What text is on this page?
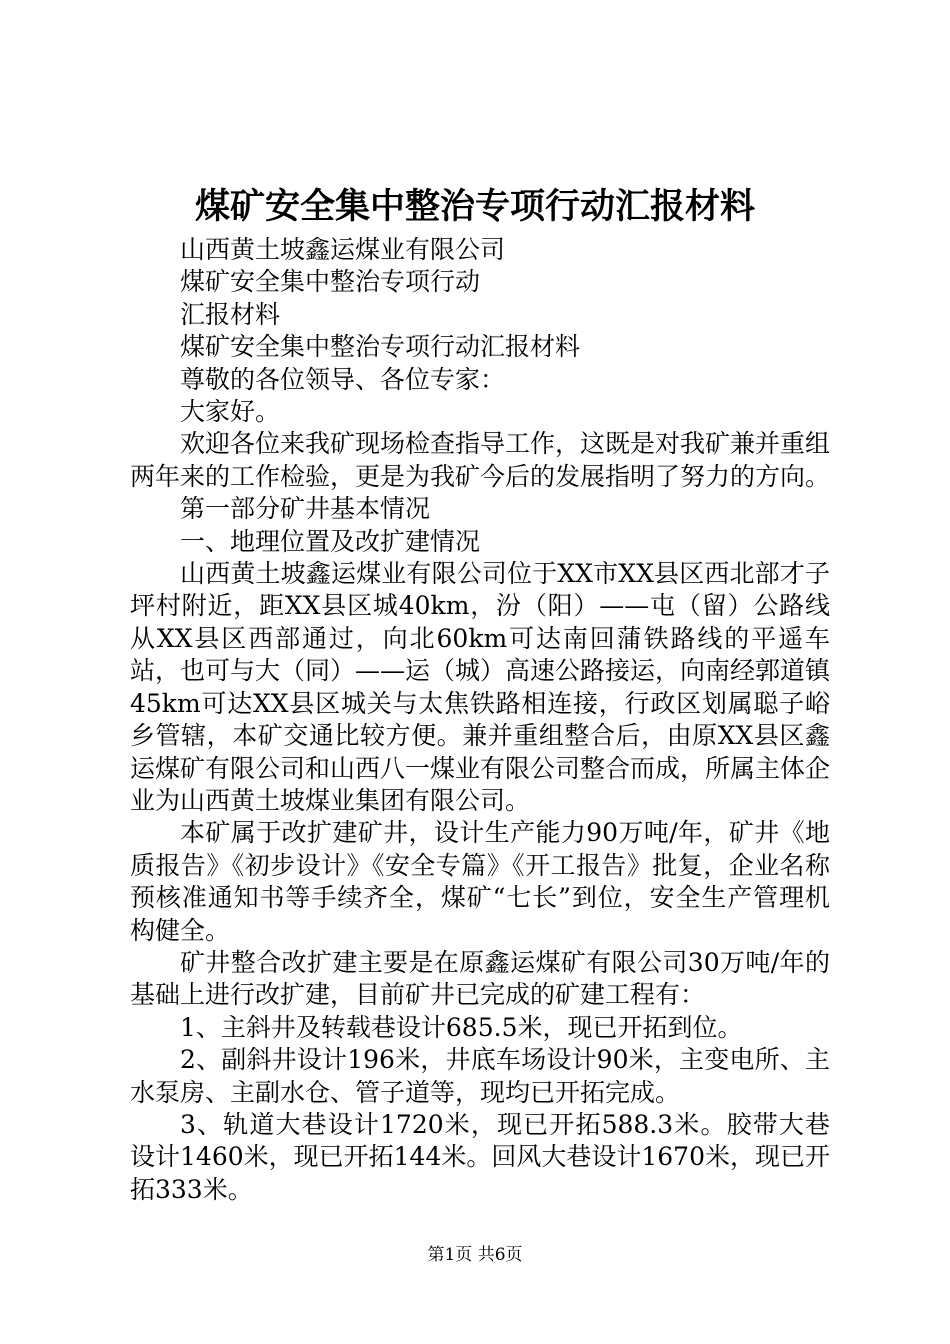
煤矿安全集中整治专项行动汇报材料

山西黄土坡鑫运煤业有限公司

煤矿安全集中整治专项行动

汇报材料

煤矿安全集中整治专项行动汇报材料

尊敬的各位领导、各位专家：

大家好。

欢迎各位来我矿现场检查指导工作，这既是对我矿兼并重组两年来的工作检验，更是为我矿今后的发展指明了努力的方向。

第一部分矿井基本情况

一、地理位置及改扩建情况

山西黄土坡鑫运煤业有限公司位于XX市XX县区西北部才子坪村附近，距XX县区城40km，汾（阳）——屯（留）公路线从XX县区西部通过，向北60km可达南回蒲铁路线的平遥车站，也可与大（同）——运（城）高速公路接运，向南经郭道镇45km可达XX县区城关与太焦铁路相连接，行政区划属聪子峪乡管辖，本矿交通比较方便。兼并重组整合后，由原XX县区鑫运煤矿有限公司和山西八一煤业有限公司整合而成，所属主体企业为山西黄土坡煤业集团有限公司。

本矿属于改扩建矿井，设计生产能力90万吨/年，矿井《地质报告》《初步设计》《安全专篇》《开工报告》批复，企业名称预核准通知书等手续齐全，煤矿“七长”到位，安全生产管理机构健全。

矿井整合改扩建主要是在原鑫运煤矿有限公司30万吨/年的基础上进行改扩建，目前矿井已完成的矿建工程有：

1、主斜井及转载巷设计685.5米，现已开拓到位。

2、副斜井设计196米，井底车场设计90米，主变电所、主水泵房、主副水仓、管子道等，现均已开拓完成。

3、轨道大巷设计1720米，现已开拓588.3米。胶带大巷设计1460米，现已开拓144米。回风大巷设计1670米，现已开拓333米。

第1页 共6页
